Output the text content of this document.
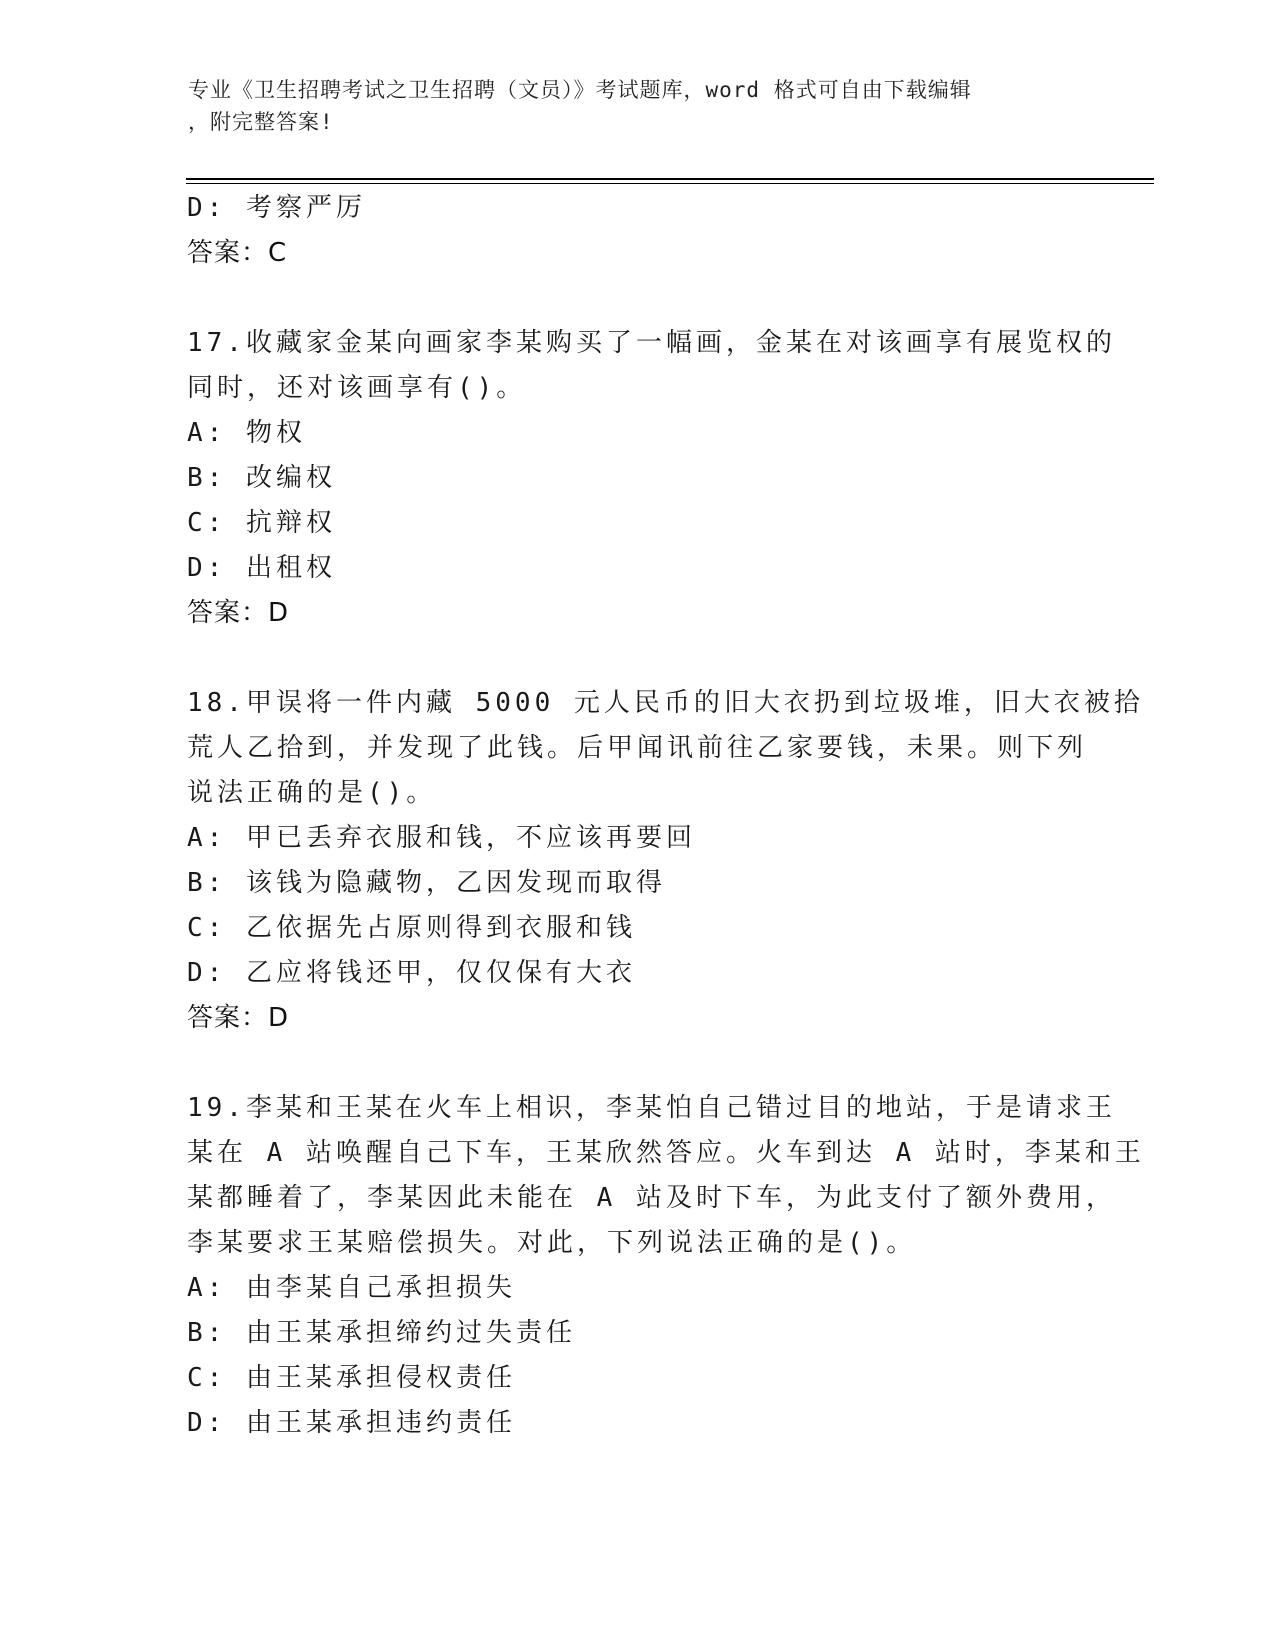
专业《卫生招聘考试之卫生招聘（文员）》考试题库，word 格式可自由下载编辑
，附完整答案!
D: 考察严厉
答案：C
17.收藏家金某向画家李某购买了一幅画，金某在对该画享有展览权的
同时，还对该画享有()。
A: 物权
B: 改编权
C: 抗辩权
D: 出租权
答案：D
18.甲误将一件内藏 5000 元人民币的旧大衣扔到垃圾堆，旧大衣被拾
荒人乙拾到，并发现了此钱。后甲闻讯前往乙家要钱，未果。则下列
说法正确的是()。
A: 甲已丢弃衣服和钱，不应该再要回
B: 该钱为隐藏物，乙因发现而取得
C: 乙依据先占原则得到衣服和钱
D: 乙应将钱还甲，仅仅保有大衣
答案：D
19.李某和王某在火车上相识，李某怕自己错过目的地站，于是请求王
某在 A 站唤醒自己下车，王某欣然答应。火车到达 A 站时，李某和王
某都睡着了，李某因此未能在 A 站及时下车，为此支付了额外费用，
李某要求王某赔偿损失。对此，下列说法正确的是()。
A: 由李某自己承担损失
B: 由王某承担缔约过失责任
C: 由王某承担侵权责任
D: 由王某承担违约责任
